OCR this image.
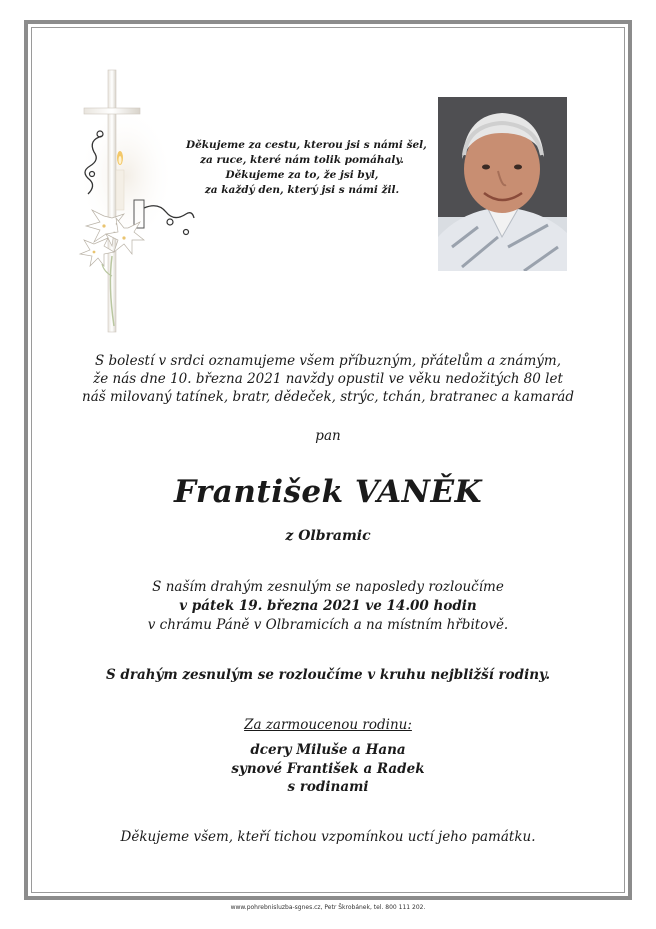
Děkujeme za cestu, kterou jsi s námi šel,
za ruce, které nám tolik pomáhaly.
Děkujeme za to, že jsi byl,
za každý den, který jsi s námi žil.
S bolestí v srdci oznamujeme všem příbuzným, přátelům a známým,
že nás dne 10. března 2021 navždy opustil ve věku nedožitých 80 let
náš milovaný tatínek, bratr, dědeček, strýc, tchán, bratranec a kamarád
pan
František VANĚK
z Olbramic
S naším drahým zesnulým se naposledy rozloučíme
v pátek 19. března 2021 ve 14.00 hodin
v chrámu Páně v Olbramicích a na místním hřbitově.
S drahým zesnulým se rozloučíme v kruhu nejbližší rodiny.
Za zarmoucenou rodinu:
dcery Miluše a Hana
synové František a Radek
s rodinami
Děkujeme všem, kteří tichou vzpomínkou uctí jeho památku.
www.pohrebnisluzba-sgnes.cz, Petr Škrobánek, tel. 800 111 202.
